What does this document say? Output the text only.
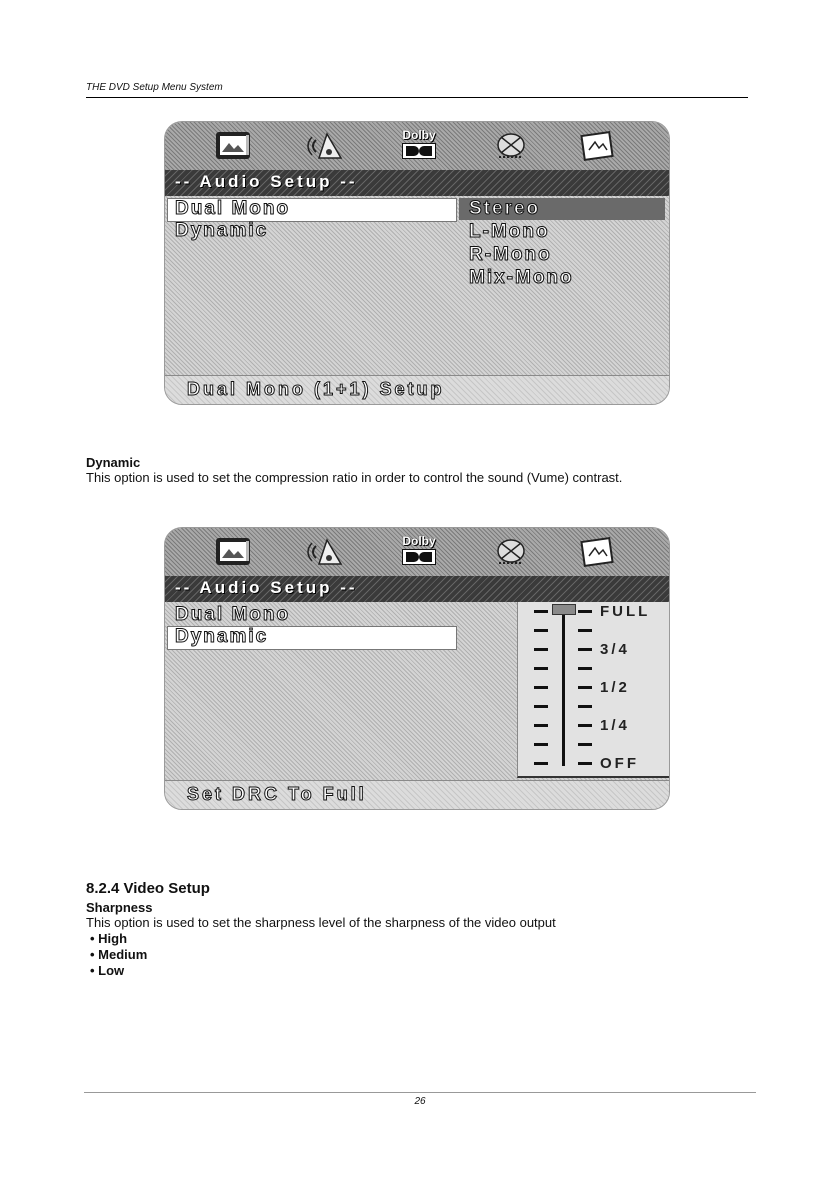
THE DVD Setup Menu System
Dolby
-- Audio Setup --
Dual Mono
Dynamic
Stereo
L-Mono
R-Mono
Mix-Mono
Dual Mono (1+1) Setup
Dynamic
This option is used to set the compression ratio in order to control the sound (Vume) contrast.
Dolby
-- Audio Setup --
Dual Mono
Dynamic
FULL
3/4
1/2
1/4
OFF
Set DRC To Full
8.2.4 Video Setup
Sharpness
This option is used to set the sharpness level of the sharpness of the video output
• High
• Medium
• Low
26
